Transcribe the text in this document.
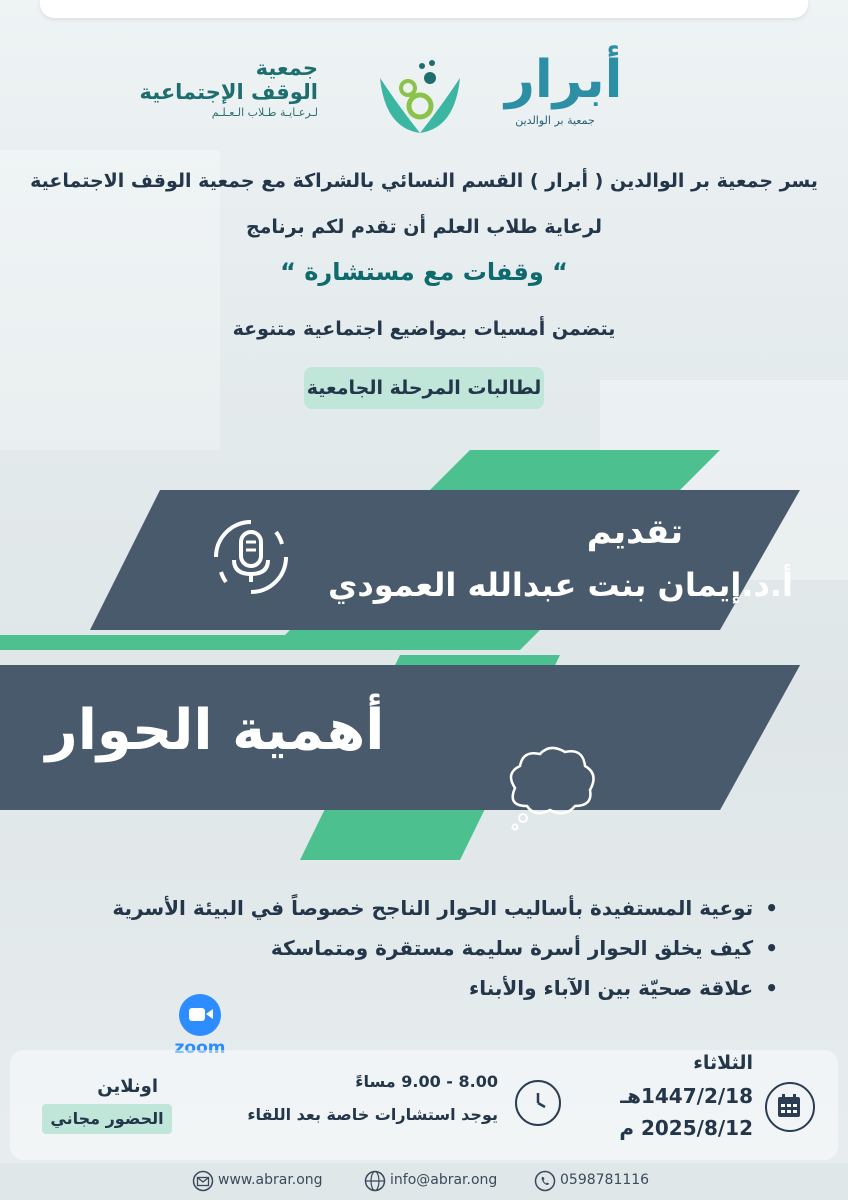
أبرار
جمعية بر الوالدين
جمعية
الوقف الإجتماعية
لـرعـايـة طـلاب الـعـلـم
يسر جمعية بر الوالدين ( أبرار ) القسم النسائي بالشراكة مع جمعية الوقف الاجتماعية
لرعاية طلاب العلم أن تقدم لكم برنامج
“ وقفات مع مستشارة “
يتضمن أمسيات بمواضيع اجتماعية متنوعة
لطالبات المرحلة الجامعية
تقديم
أ.د.إيمان بنت عبدالله العمودي
أهمية الحوار
• توعية المستفيدة بأساليب الحوار الناجح خصوصاً في البيئة الأسرية
• كيف يخلق الحوار أسرة سليمة مستقرة ومتماسكة
• علاقة صحيّة بين الآباء والأبناء
zoom
الثلاثاء
1447/2/18هـ
2025/8/12 م
8.00 - 9.00 مساءً
يوجد استشارات خاصة بعد اللقاء
اونلاين
الحضور مجاني
www.abrar.ong	info@abrar.ong	0598781116
